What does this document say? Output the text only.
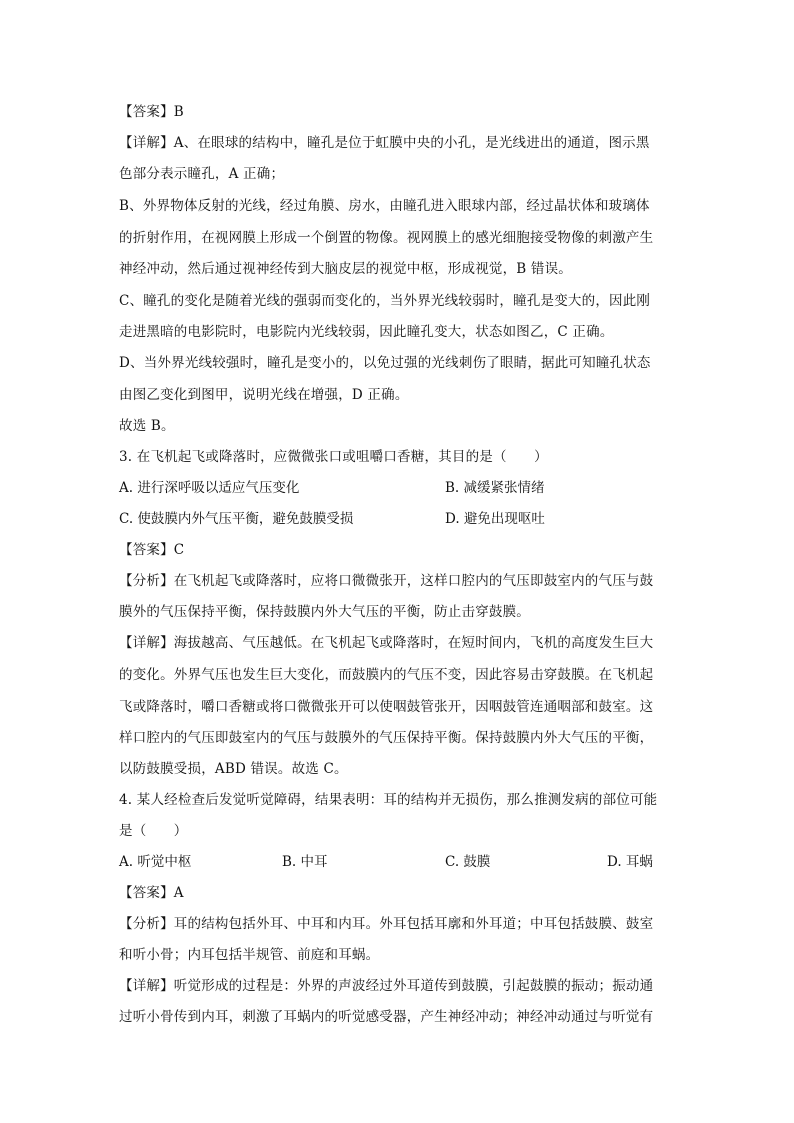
【答案】B
【详解】A、在眼球的结构中，瞳孔是位于虹膜中央的小孔，是光线进出的通道，图示黑
色部分表示瞳孔，A 正确；
B、外界物体反射的光线，经过角膜、房水，由瞳孔进入眼球内部，经过晶状体和玻璃体
的折射作用，在视网膜上形成一个倒置的物像。视网膜上的感光细胞接受物像的刺激产生
神经冲动，然后通过视神经传到大脑皮层的视觉中枢，形成视觉，B 错误。
C、瞳孔的变化是随着光线的强弱而变化的，当外界光线较弱时，瞳孔是变大的，因此刚
走进黑暗的电影院时，电影院内光线较弱，因此瞳孔变大，状态如图乙，C 正确。
D、当外界光线较强时，瞳孔是变小的，以免过强的光线刺伤了眼睛，据此可知瞳孔状态
由图乙变化到图甲，说明光线在增强，D 正确。
故选 B。
3. 在飞机起飞或降落时，应微微张口或咀嚼口香糖，其目的是（　　）
A. 进行深呼吸以适应气压变化	B. 减缓紧张情绪
C. 使鼓膜内外气压平衡，避免鼓膜受损	D. 避免出现呕吐
【答案】C
【分析】在飞机起飞或降落时，应将口微微张开，这样口腔内的气压即鼓室内的气压与鼓
膜外的气压保持平衡，保持鼓膜内外大气压的平衡，防止击穿鼓膜。
【详解】海拔越高、气压越低。在飞机起飞或降落时，在短时间内，飞机的高度发生巨大
的变化。外界气压也发生巨大变化，而鼓膜内的气压不变，因此容易击穿鼓膜。在飞机起
飞或降落时，嚼口香糖或将口微微张开可以使咽鼓管张开，因咽鼓管连通咽部和鼓室。这
样口腔内的气压即鼓室内的气压与鼓膜外的气压保持平衡。保持鼓膜内外大气压的平衡，
以防鼓膜受损，ABD 错误。故选 C。
4. 某人经检查后发觉听觉障碍，结果表明：耳的结构并无损伤，那么推测发病的部位可能
是（　　）
A. 听觉中枢	B. 中耳	C. 鼓膜	D. 耳蜗
【答案】A
【分析】耳的结构包括外耳、中耳和内耳。外耳包括耳廓和外耳道；中耳包括鼓膜、鼓室
和听小骨；内耳包括半规管、前庭和耳蜗。
【详解】听觉形成的过程是：外界的声波经过外耳道传到鼓膜，引起鼓膜的振动；振动通
过听小骨传到内耳，刺激了耳蜗内的听觉感受器，产生神经冲动；神经冲动通过与听觉有
